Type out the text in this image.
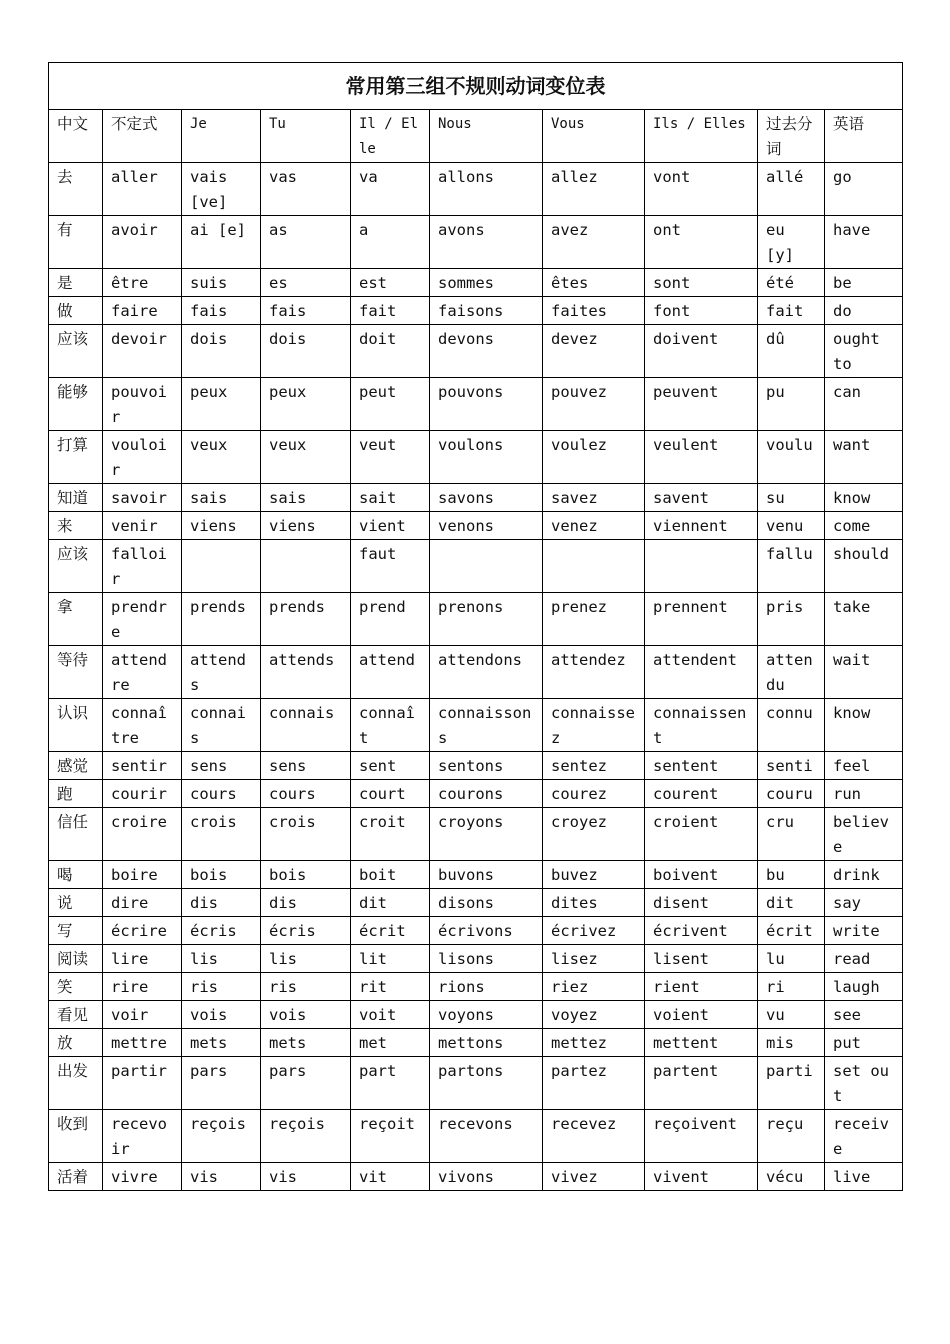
常用第三组不规则动词变位表									
中文	不定式	Je	Tu	Il / Elle	Nous	Vous	Ils / Elles	过去分词	英语
去	aller	vais [ve]	vas	va	allons	allez	vont	allé	go
有	avoir	ai [e]	as	a	avons	avez	ont	eu [y]	have
是	être	suis	es	est	sommes	êtes	sont	été	be
做	faire	fais	fais	fait	faisons	faites	font	fait	do
应该	devoir	dois	dois	doit	devons	devez	doivent	dû	ought to
能够	pouvoir	peux	peux	peut	pouvons	pouvez	peuvent	pu	can
打算	vouloir	veux	veux	veut	voulons	voulez	veulent	voulu	want
知道	savoir	sais	sais	sait	savons	savez	savent	su	know
来	venir	viens	viens	vient	venons	venez	viennent	venu	come
应该	falloir			faut				fallu	should
拿	prendre	prends	prends	prend	prenons	prenez	prennent	pris	take
等待	attendre	attends	attends	attend	attendons	attendez	attendent	attendu	wait
认识	connaître	connais	connais	connaît	connaissons	connaissez	connaissent	connu	know
感觉	sentir	sens	sens	sent	sentons	sentez	sentent	senti	feel
跑	courir	cours	cours	court	courons	courez	courent	couru	run
信任	croire	crois	crois	croit	croyons	croyez	croient	cru	believe
喝	boire	bois	bois	boit	buvons	buvez	boivent	bu	drink
说	dire	dis	dis	dit	disons	dites	disent	dit	say
写	écrire	écris	écris	écrit	écrivons	écrivez	écrivent	écrit	write
阅读	lire	lis	lis	lit	lisons	lisez	lisent	lu	read
笑	rire	ris	ris	rit	rions	riez	rient	ri	laugh
看见	voir	vois	vois	voit	voyons	voyez	voient	vu	see
放	mettre	mets	mets	met	mettons	mettez	mettent	mis	put
出发	partir	pars	pars	part	partons	partez	partent	parti	set out
收到	recevoir	reçois	reçois	reçoit	recevons	recevez	reçoivent	reçu	receive
活着	vivre	vis	vis	vit	vivons	vivez	vivent	vécu	live
